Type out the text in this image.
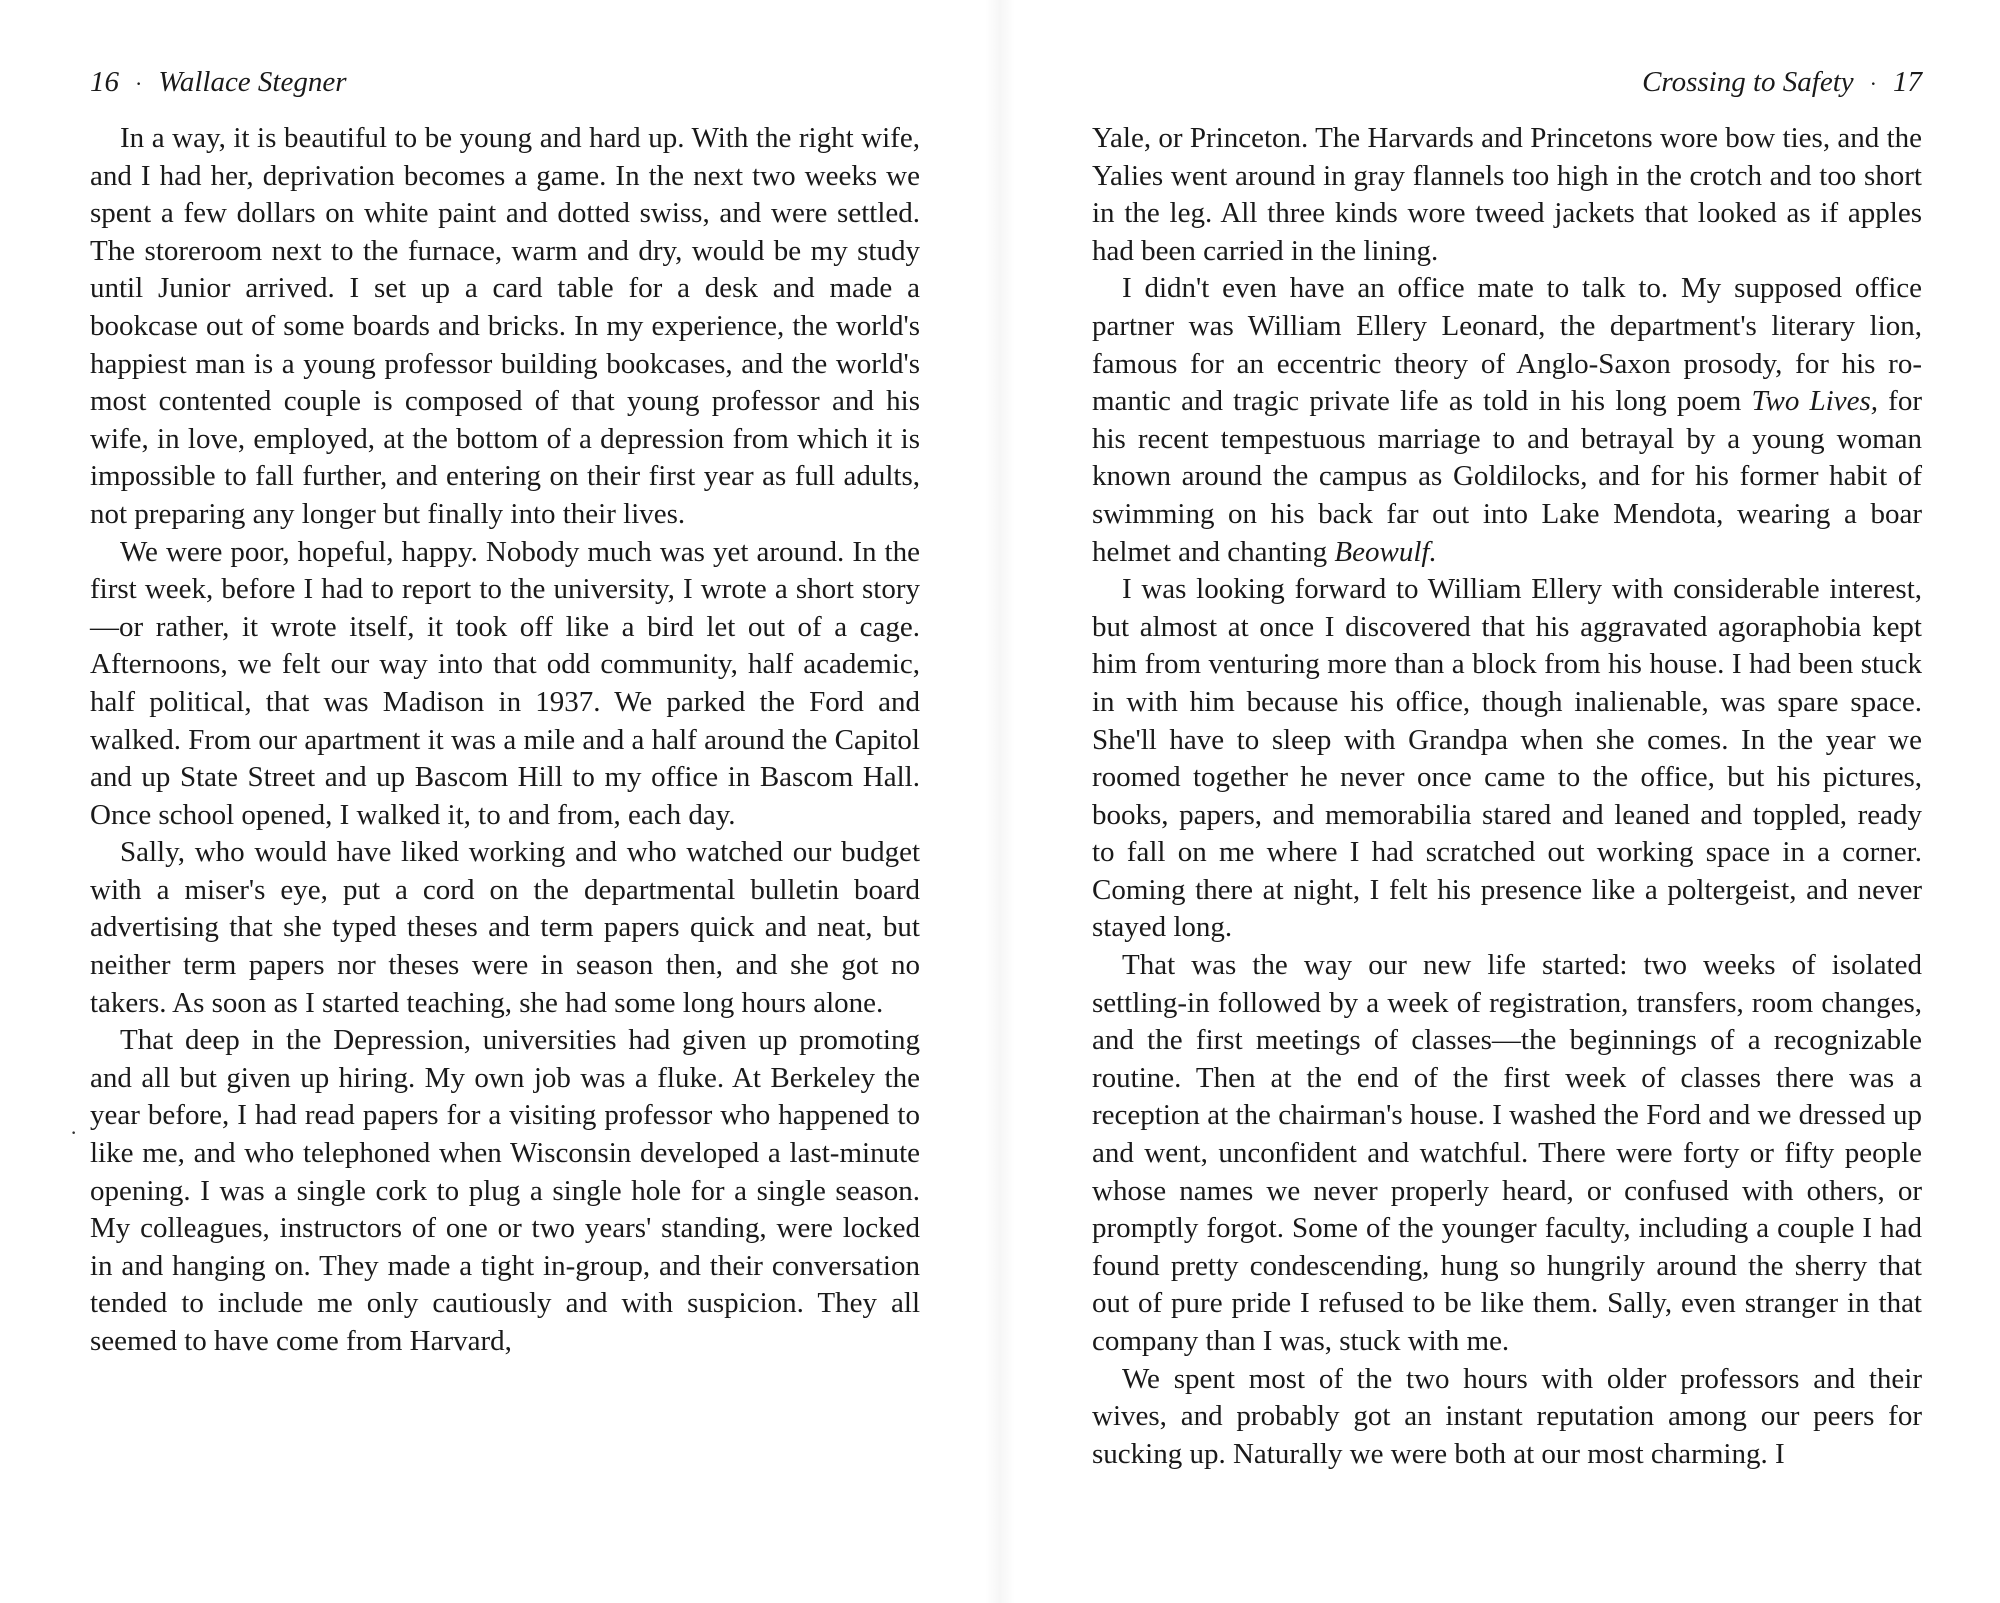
16 · Wallace Stegner

In a way, it is beautiful to be young and hard up. With the right wife, and I had her, deprivation becomes a game. In the next two weeks we spent a few dollars on white paint and dotted swiss, and were settled. The storeroom next to the furnace, warm and dry, would be my study until Junior arrived. I set up a card table for a desk and made a bookcase out of some boards and bricks. In my experience, the world's happiest man is a young professor building bookcases, and the world's most contented couple is composed of that young professor and his wife, in love, employed, at the bottom of a depression from which it is impossible to fall further, and entering on their first year as full adults, not preparing any longer but finally into their lives.

We were poor, hopeful, happy. Nobody much was yet around. In the first week, before I had to report to the university, I wrote a short story—or rather, it wrote itself, it took off like a bird let out of a cage. Afternoons, we felt our way into that odd community, half academic, half political, that was Madison in 1937. We parked the Ford and walked. From our apartment it was a mile and a half around the Capitol and up State Street and up Bascom Hill to my office in Bascom Hall. Once school opened, I walked it, to and from, each day.

Sally, who would have liked working and who watched our budget with a miser's eye, put a cord on the departmental bulletin board advertising that she typed theses and term papers quick and neat, but neither term papers nor theses were in season then, and she got no takers. As soon as I started teaching, she had some long hours alone.

That deep in the Depression, universities had given up promoting and all but given up hiring. My own job was a fluke. At Berkeley the year before, I had read papers for a visiting professor who happened to like me, and who telephoned when Wisconsin developed a last-minute opening. I was a single cork to plug a single hole for a single season. My colleagues, instructors of one or two years' standing, were locked in and hanging on. They made a tight in-group, and their conversation tended to include me only cautiously and with suspicion. They all seemed to have come from Harvard,

·
Crossing to Safety · 17

Yale, or Princeton. The Harvards and Princetons wore bow ties, and the Yalies went around in gray flannels too high in the crotch and too short in the leg. All three kinds wore tweed jackets that looked as if apples had been carried in the lining.

I didn't even have an office mate to talk to. My supposed office partner was William Ellery Leonard, the department's literary lion, famous for an eccentric theory of Anglo-Saxon prosody, for his romantic and tragic private life as told in his long poem Two Lives, for his recent tempestuous marriage to and betrayal by a young woman known around the campus as Goldilocks, and for his former habit of swimming on his back far out into Lake Mendota, wearing a boar helmet and chanting Beowulf.

I was looking forward to William Ellery with considerable interest, but almost at once I discovered that his aggravated agoraphobia kept him from venturing more than a block from his house. I had been stuck in with him because his office, though inalienable, was spare space. She'll have to sleep with Grandpa when she comes. In the year we roomed together he never once came to the office, but his pictures, books, papers, and memorabilia stared and leaned and toppled, ready to fall on me where I had scratched out working space in a corner. Coming there at night, I felt his presence like a poltergeist, and never stayed long.

That was the way our new life started: two weeks of isolated settling-in followed by a week of registration, transfers, room changes, and the first meetings of classes—the beginnings of a recognizable routine. Then at the end of the first week of classes there was a reception at the chairman's house. I washed the Ford and we dressed up and went, unconfident and watchful. There were forty or fifty people whose names we never properly heard, or confused with others, or promptly forgot. Some of the younger faculty, including a couple I had found pretty condescending, hung so hungrily around the sherry that out of pure pride I refused to be like them. Sally, even stranger in that company than I was, stuck with me.

We spent most of the two hours with older professors and their wives, and probably got an instant reputation among our peers for sucking up. Naturally we were both at our most charming. I
